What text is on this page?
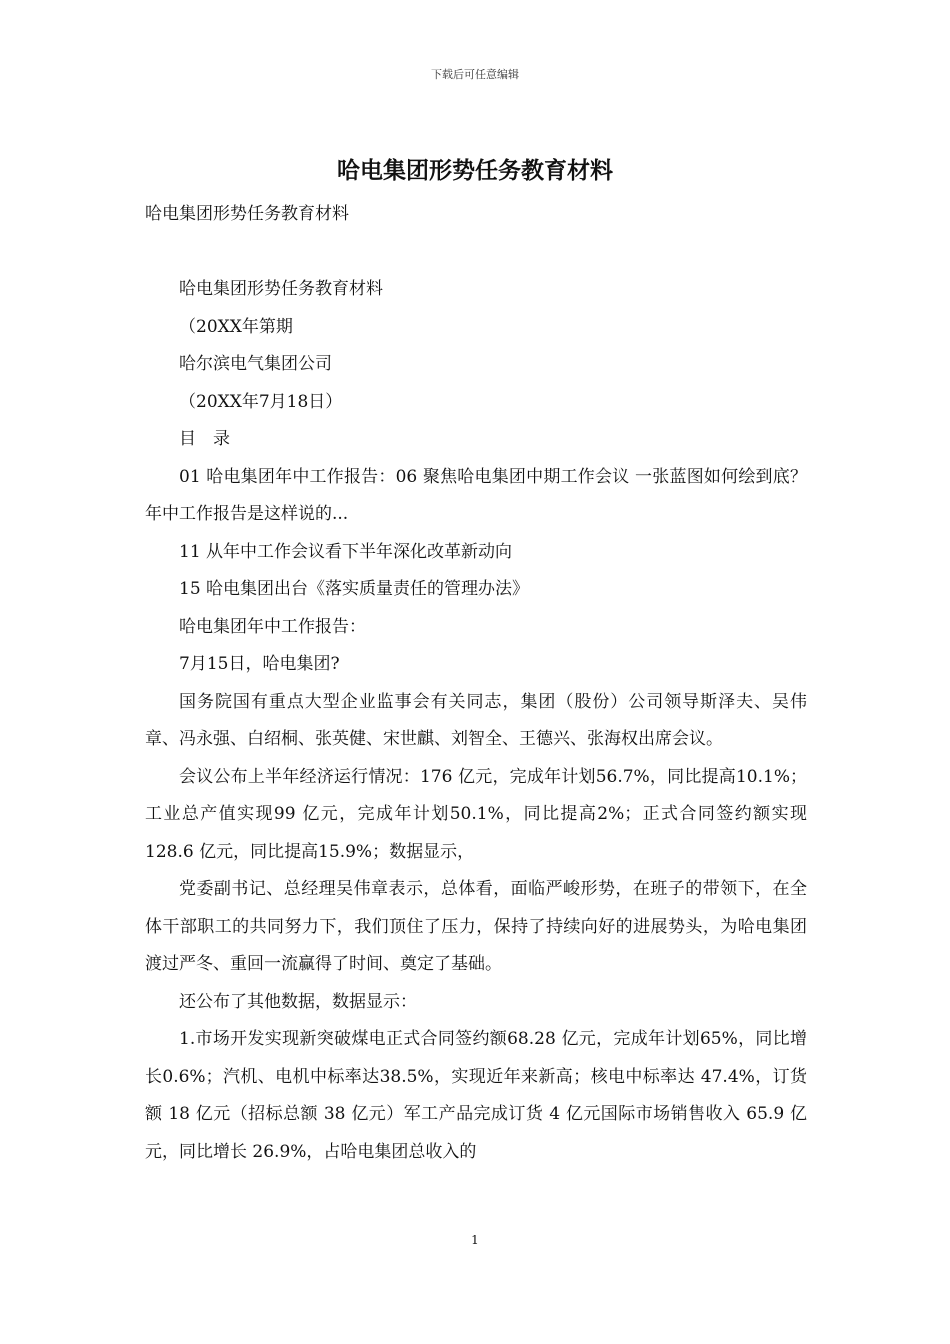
下载后可任意编辑
哈电集团形势任务教育材料

哈电集团形势任务教育材料

哈电集团形势任务教育材料

（20XX年第期

哈尔滨电气集团公司

（20XX年7月18日）

目　录

01 哈电集团年中工作报告：06 聚焦哈电集团中期工作会议 一张蓝图如何绘到底？年中工作报告是这样说的...

11 从年中工作会议看下半年深化改革新动向

15 哈电集团出台《落实质量责任的管理办法》

哈电集团年中工作报告：

7月15日，哈电集团?

国务院国有重点大型企业监事会有关同志，集团（股份）公司领导斯泽夫、吴伟章、冯永强、白绍桐、张英健、宋世麒、刘智全、王德兴、张海权出席会议。

会议公布上半年经济运行情况：176 亿元，完成年计划56.7%，同比提高10.1%；工业总产值实现99 亿元，完成年计划50.1%，同比提高2%；正式合同签约额实现128.6 亿元，同比提高15.9%；数据显示，

党委副书记、总经理吴伟章表示，总体看，面临严峻形势，在班子的带领下，在全体干部职工的共同努力下，我们顶住了压力，保持了持续向好的进展势头，为哈电集团渡过严冬、重回一流赢得了时间、奠定了基础。

还公布了其他数据，数据显示：

1.市场开发实现新突破煤电正式合同签约额68.28 亿元，完成年计划65%，同比增长0.6%；汽机、电机中标率达38.5%，实现近年来新高；核电中标率达 47.4%，订货额 18 亿元（招标总额 38 亿元）军工产品完成订货 4 亿元国际市场销售收入 65.9 亿元，同比增长 26.9%，占哈电集团总收入的

1
